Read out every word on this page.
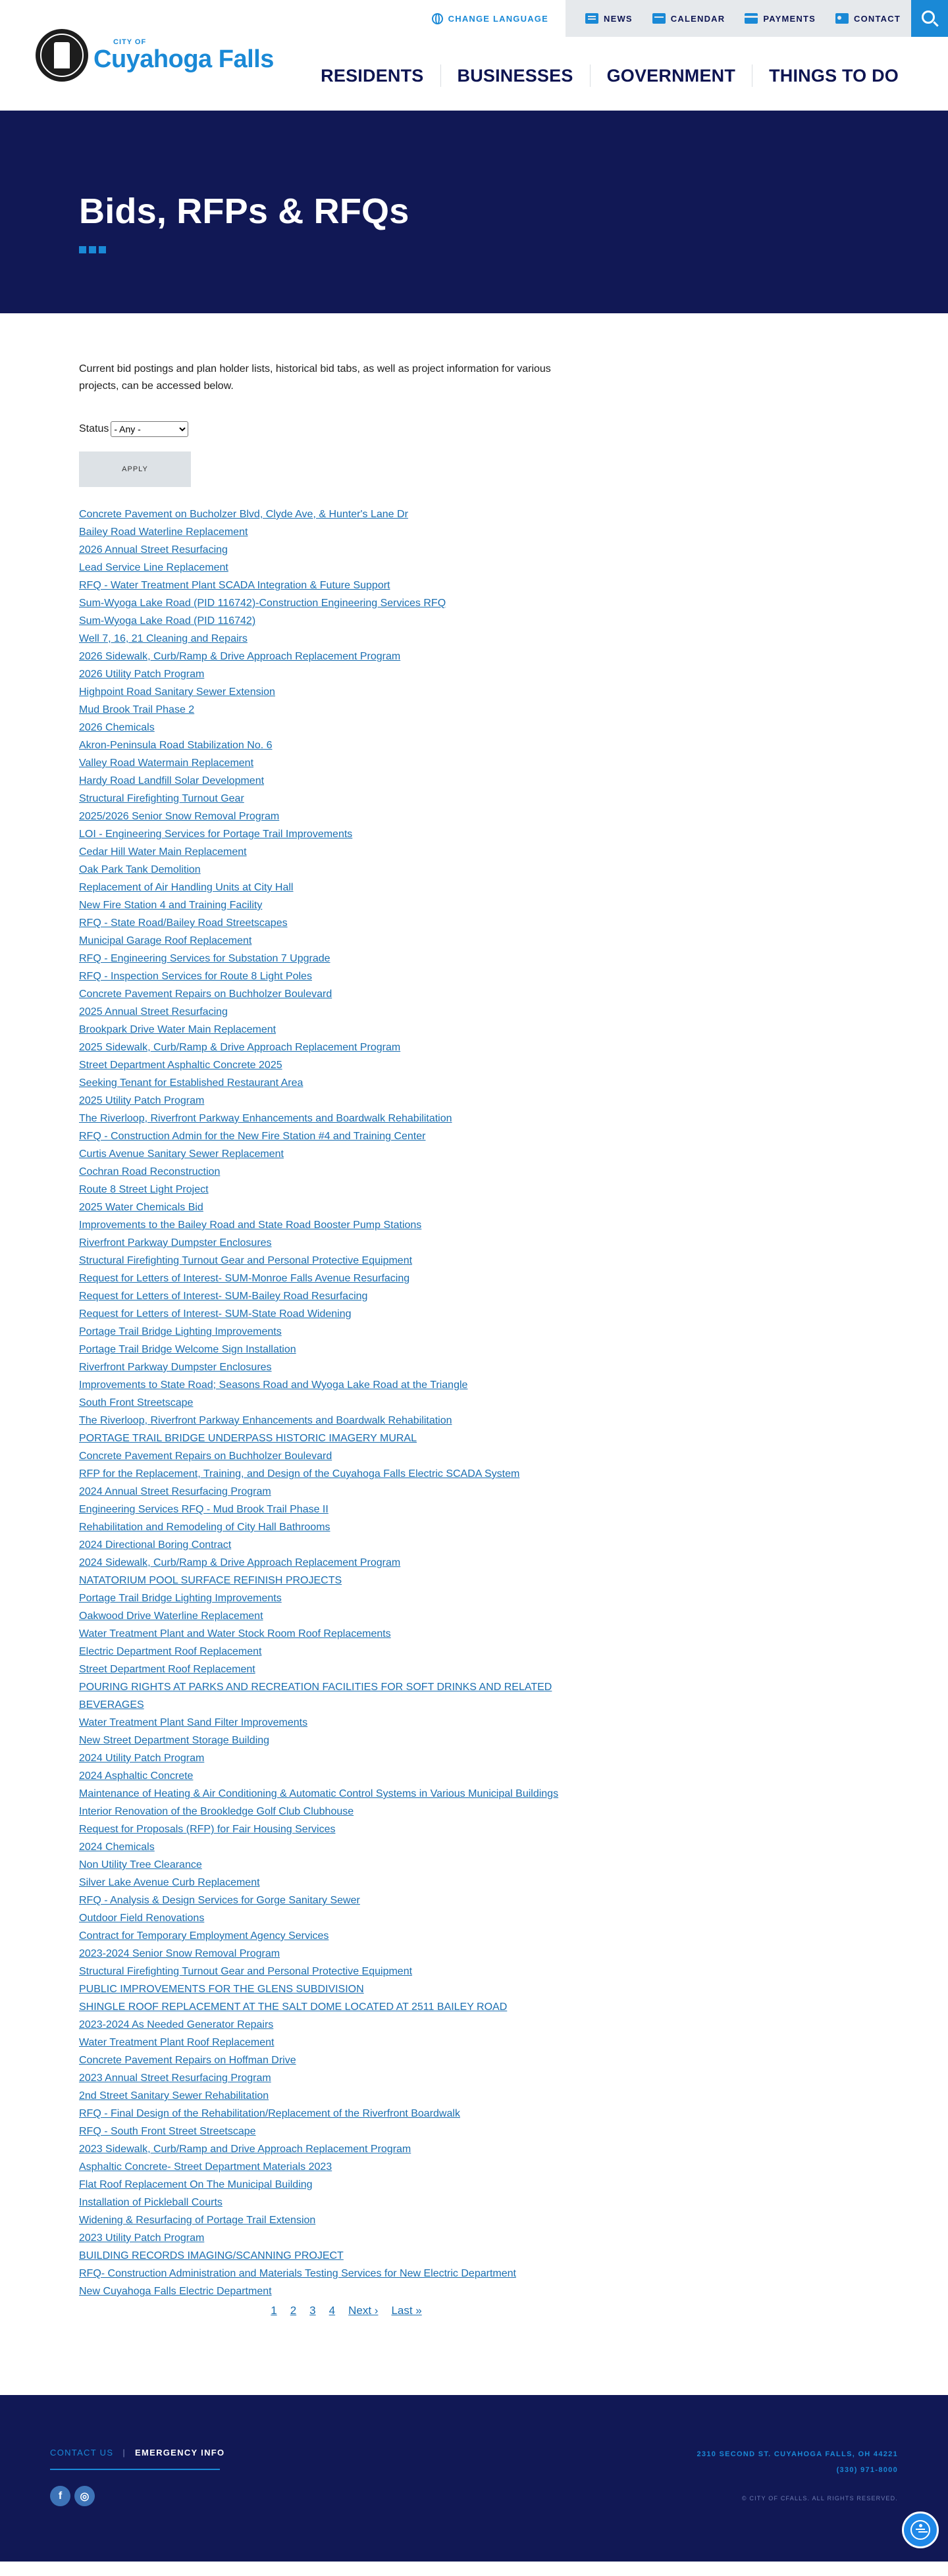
CHANGE LANGUAGE	NEWS	CALENDAR	PAYMENTS	CONTACT
CITY OF
Cuyahoga Falls
RESIDENTS	BUSINESSES	GOVERNMENT	THINGS TO DO
Bids, RFPs & RFQs

Current bid postings and plan holder lists, historical bid tabs, as well as project information for various projects, can be accessed below.

Status
- Any -
APPLY
Concrete Pavement on Bucholzer Blvd, Clyde Ave, & Hunter's Lane Dr
Bailey Road Waterline Replacement
2026 Annual Street Resurfacing
Lead Service Line Replacement
RFQ - Water Treatment Plant SCADA Integration & Future Support
Sum-Wyoga Lake Road (PID 116742)-Construction Engineering Services RFQ
Sum-Wyoga Lake Road (PID 116742)
Well 7, 16, 21 Cleaning and Repairs
2026 Sidewalk, Curb/Ramp & Drive Approach Replacement Program
2026 Utility Patch Program
Highpoint Road Sanitary Sewer Extension
Mud Brook Trail Phase 2
2026 Chemicals
Akron-Peninsula Road Stabilization No. 6
Valley Road Watermain Replacement
Hardy Road Landfill Solar Development
Structural Firefighting Turnout Gear
2025/2026 Senior Snow Removal Program
LOI - Engineering Services for Portage Trail Improvements
Cedar Hill Water Main Replacement
Oak Park Tank Demolition
Replacement of Air Handling Units at City Hall
New Fire Station 4 and Training Facility
RFQ - State Road/Bailey Road Streetscapes
Municipal Garage Roof Replacement
RFQ - Engineering Services for Substation 7 Upgrade
RFQ - Inspection Services for Route 8 Light Poles
Concrete Pavement Repairs on Buchholzer Boulevard
2025 Annual Street Resurfacing
Brookpark Drive Water Main Replacement
2025 Sidewalk, Curb/Ramp & Drive Approach Replacement Program
Street Department Asphaltic Concrete 2025
Seeking Tenant for Established Restaurant Area
2025 Utility Patch Program
The Riverloop, Riverfront Parkway Enhancements and Boardwalk Rehabilitation
RFQ - Construction Admin for the New Fire Station #4 and Training Center
Curtis Avenue Sanitary Sewer Replacement
Cochran Road Reconstruction
Route 8 Street Light Project
2025 Water Chemicals Bid
Improvements to the Bailey Road and State Road Booster Pump Stations
Riverfront Parkway Dumpster Enclosures
Structural Firefighting Turnout Gear and Personal Protective Equipment
Request for Letters of Interest- SUM-Monroe Falls Avenue Resurfacing
Request for Letters of Interest- SUM-Bailey Road Resurfacing
Request for Letters of Interest- SUM-State Road Widening
Portage Trail Bridge Lighting Improvements
Portage Trail Bridge Welcome Sign Installation
Riverfront Parkway Dumpster Enclosures
Improvements to State Road; Seasons Road and Wyoga Lake Road at the Triangle
South Front Streetscape
The Riverloop, Riverfront Parkway Enhancements and Boardwalk Rehabilitation
PORTAGE TRAIL BRIDGE UNDERPASS HISTORIC IMAGERY MURAL
Concrete Pavement Repairs on Buchholzer Boulevard
RFP for the Replacement, Training, and Design of the Cuyahoga Falls Electric SCADA System
2024 Annual Street Resurfacing Program
Engineering Services RFQ - Mud Brook Trail Phase II
Rehabilitation and Remodeling of City Hall Bathrooms
2024 Directional Boring Contract
2024 Sidewalk, Curb/Ramp & Drive Approach Replacement Program
NATATORIUM POOL SURFACE REFINISH PROJECTS
Portage Trail Bridge Lighting Improvements
Oakwood Drive Waterline Replacement
Water Treatment Plant and Water Stock Room Roof Replacements
Electric Department Roof Replacement
Street Department Roof Replacement
POURING RIGHTS AT PARKS AND RECREATION FACILITIES FOR SOFT DRINKS AND RELATED BEVERAGES
Water Treatment Plant Sand Filter Improvements
New Street Department Storage Building
2024 Utility Patch Program
2024 Asphaltic Concrete
Maintenance of Heating & Air Conditioning & Automatic Control Systems in Various Municipal Buildings
Interior Renovation of the Brookledge Golf Club Clubhouse
Request for Proposals (RFP) for Fair Housing Services
2024 Chemicals
Non Utility Tree Clearance
Silver Lake Avenue Curb Replacement
RFQ - Analysis & Design Services for Gorge Sanitary Sewer
Outdoor Field Renovations
Contract for Temporary Employment Agency Services
2023-2024 Senior Snow Removal Program
Structural Firefighting Turnout Gear and Personal Protective Equipment
PUBLIC IMPROVEMENTS FOR THE GLENS SUBDIVISION
SHINGLE ROOF REPLACEMENT AT THE SALT DOME LOCATED AT 2511 BAILEY ROAD
2023-2024 As Needed Generator Repairs
Water Treatment Plant Roof Replacement
Concrete Pavement Repairs on Hoffman Drive
2023 Annual Street Resurfacing Program
2nd Street Sanitary Sewer Rehabilitation
RFQ - Final Design of the Rehabilitation/Replacement of the Riverfront Boardwalk
RFQ - South Front Street Streetscape
2023 Sidewalk, Curb/Ramp and Drive Approach Replacement Program
Asphaltic Concrete- Street Department Materials 2023
Flat Roof Replacement On The Municipal Building
Installation of Pickleball Courts
Widening & Resurfacing of Portage Trail Extension
2023 Utility Patch Program
BUILDING RECORDS IMAGING/SCANNING PROJECT
RFQ- Construction Administration and Materials Testing Services for New Electric Department
New Cuyahoga Falls Electric Department
1 2 3 4 Next › Last »
CONTACT US | EMERGENCY INFO
f	◎
2310 SECOND ST. CUYAHOGA FALLS, OH 44221
(330) 971-8000
© CITY OF CFALLS. ALL RIGHTS RESERVED.
